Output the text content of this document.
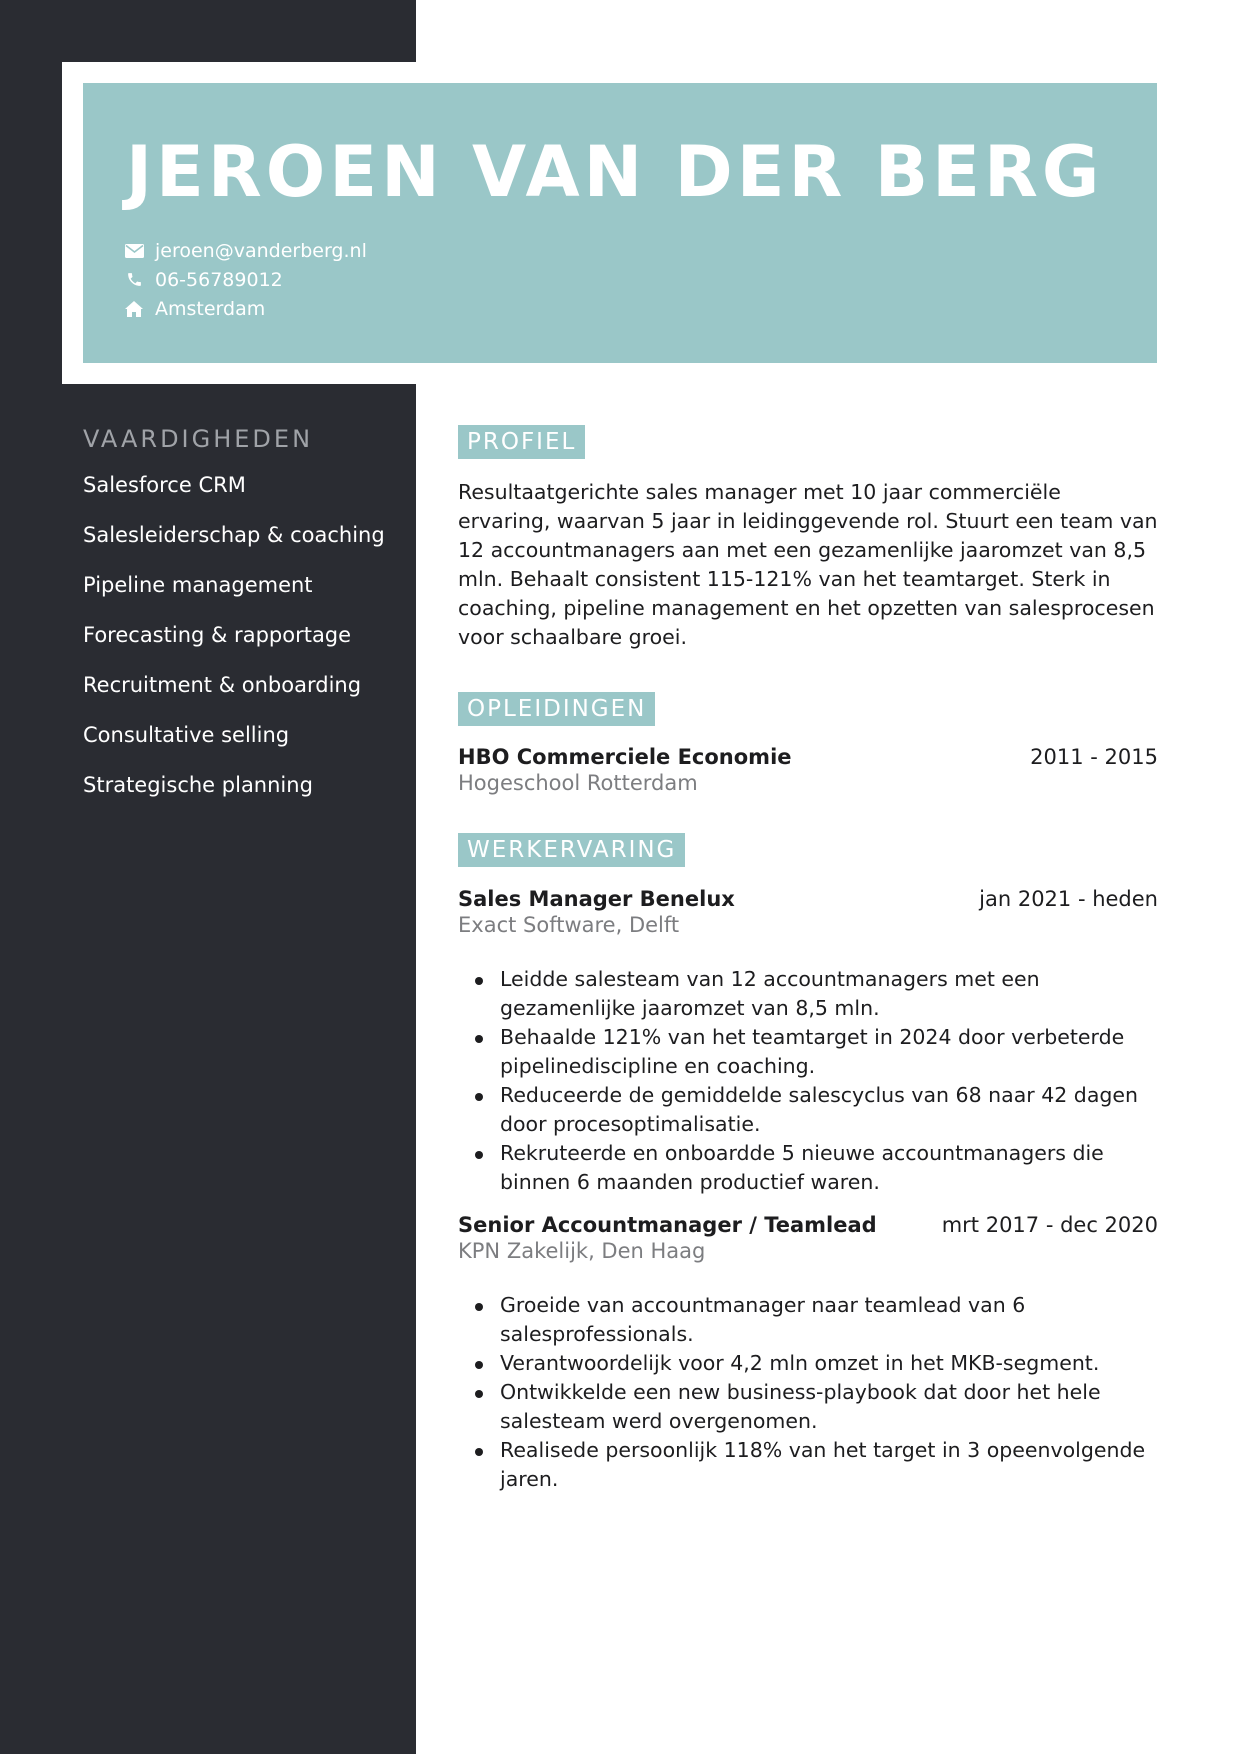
JEROEN VAN DER BERG
jeroen@vanderberg.nl
06-56789012
Amsterdam
VAARDIGHEDEN
Salesforce CRM
Salesleiderschap & coaching
Pipeline management
Forecasting & rapportage
Recruitment & onboarding
Consultative selling
Strategische planning
PROFIEL

Resultaatgerichte sales manager met 10 jaar commerciële ervaring, waarvan 5 jaar in leidinggevende rol. Stuurt een team van 12 accountmanagers aan met een gezamenlijke jaaromzet van 8,5 mln. Behaalt consistent 115-121% van het teamtarget. Sterk in coaching, pipeline management en het opzetten van salesprocesen voor schaalbare groei.

OPLEIDINGEN
HBO Commerciele Economie	2011 - 2015
Hogeschool Rotterdam
WERKERVARING
Sales Manager Benelux	jan 2021 - heden
Exact Software, Delft
Leidde salesteam van 12 accountmanagers met een gezamenlijke jaaromzet van 8,5 mln.
Behaalde 121% van het teamtarget in 2024 door verbeterde pipelinediscipline en coaching.
Reduceerde de gemiddelde salescyclus van 68 naar 42 dagen door procesoptimalisatie.
Rekruteerde en onboardde 5 nieuwe accountmanagers die binnen 6 maanden productief waren.
Senior Accountmanager / Teamlead	mrt 2017 - dec 2020
KPN Zakelijk, Den Haag
Groeide van accountmanager naar teamlead van 6 salesprofessionals.
Verantwoordelijk voor 4,2 mln omzet in het MKB-segment.
Ontwikkelde een new business-playbook dat door het hele salesteam werd overgenomen.
Realisede persoonlijk 118% van het target in 3 opeenvolgende jaren.
